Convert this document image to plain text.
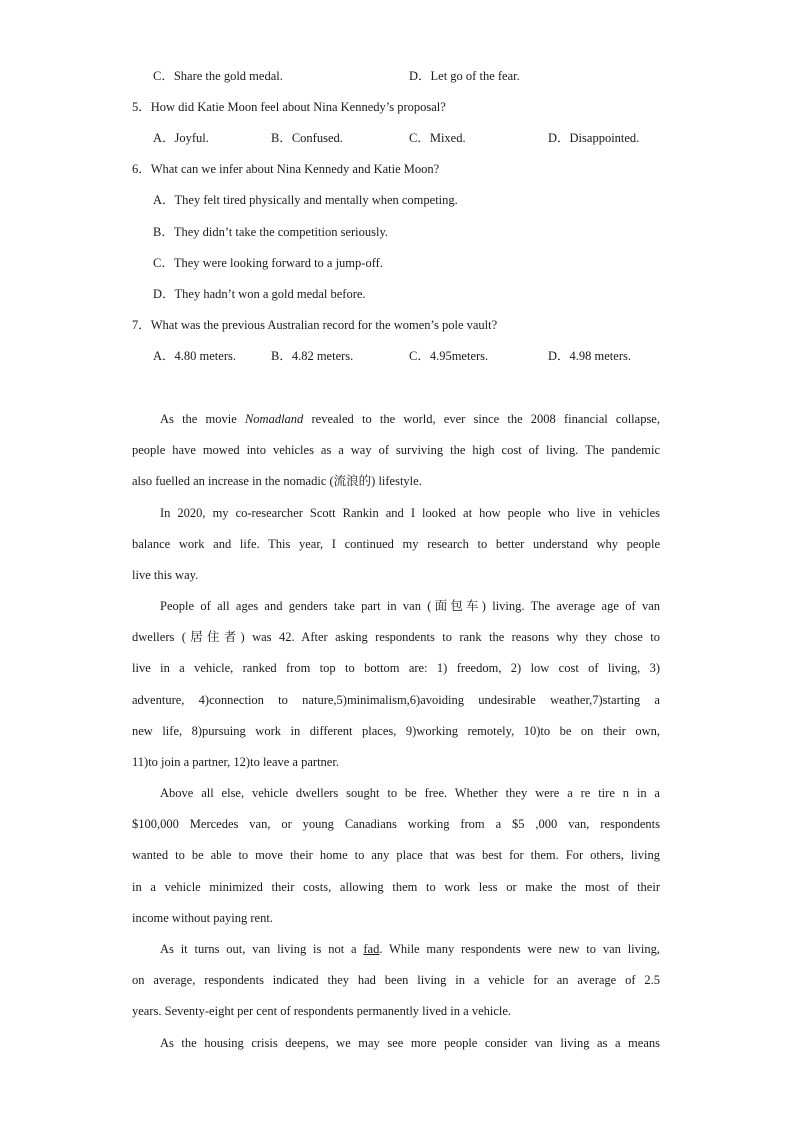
C．Share the gold medal.	D．Let go of the fear.
5．How did Katie Moon feel about Nina Kennedy’s proposal?
A．Joyful.	B．Confused.	C．Mixed.	D．Disappointed.
6．What can we infer about Nina Kennedy and Katie Moon?
A．They felt tired physically and mentally when competing.
B．They didn’t take the competition seriously.
C．They were looking forward to a jump-off.
D．They hadn’t won a gold medal before.
7．What was the previous Australian record for the women’s pole vault?
A．4.80 meters.	B．4.82 meters.	C．4.95meters.	D．4.98 meters.
As the movie Nomadland revealed to the world, ever since the 2008 financial collapse,
people have mowed into vehicles as a way of surviving the high cost of living. The pandemic
also fuelled an increase in the nomadic (流浪的) lifestyle.
In 2020, my co-researcher Scott Rankin and I looked at how people who live in vehicles
balance work and life. This year, I continued my research to better understand why people
live this way.
People of all ages and genders take part in van (面包车) living. The average age of van
dwellers (居住者) was 42. After asking respondents to rank the reasons why they chose to
live in a vehicle, ranked from top to bottom are: 1) freedom, 2) low cost of living, 3)
adventure, 4)connection to nature,5)minimalism,6)avoiding undesirable weather,7)starting a
new life, 8)pursuing work in different places, 9)working remotely, 10)to be on their own,
11)to join a partner, 12)to leave a partner.
Above all else, vehicle dwellers sought to be free. Whether they were a re tire n in a
$100,000 Mercedes van, or young Canadians working from a $5 ,000 van, respondents
wanted to be able to move their home to any place that was best for them. For others, living
in a vehicle minimized their costs, allowing them to work less or make the most of their
income without paying rent.
As it turns out, van living is not a fad. While many respondents were new to van living,
on average, respondents indicated they had been living in a vehicle for an average of 2.5
years. Seventy-eight per cent of respondents permanently lived in a vehicle.
As the housing crisis deepens, we may see more people consider van living as a means
